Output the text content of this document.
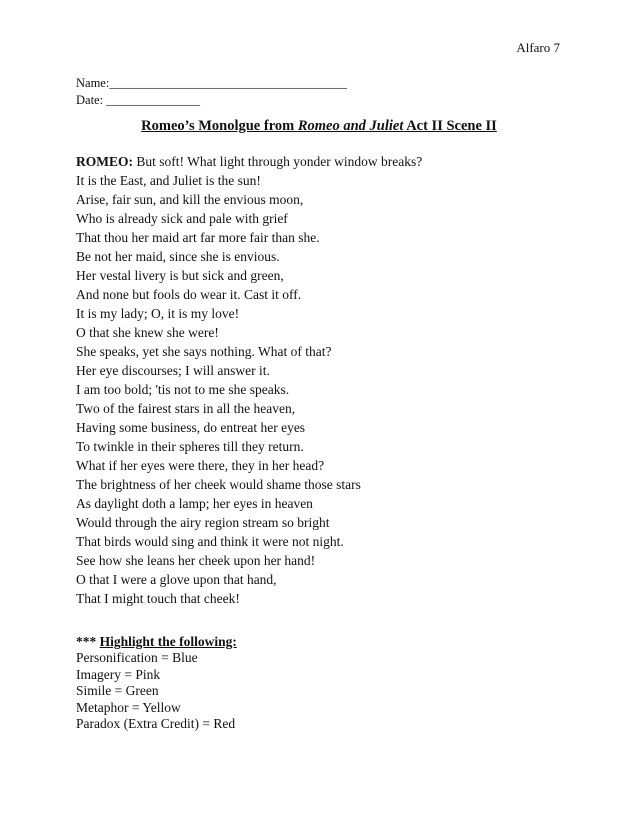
Alfaro 7
Name:______________________________________
Date: _______________
Romeo’s Monolgue from Romeo and Juliet Act II Scene II
ROMEO: But soft! What light through yonder window breaks?
It is the East, and Juliet is the sun!
Arise, fair sun, and kill the envious moon,
Who is already sick and pale with grief
That thou her maid art far more fair than she.
Be not her maid, since she is envious.
Her vestal livery is but sick and green,
And none but fools do wear it. Cast it off.
It is my lady; O, it is my love!
O that she knew she were!
She speaks, yet she says nothing. What of that?
Her eye discourses; I will answer it.
I am too bold; 'tis not to me she speaks.
Two of the fairest stars in all the heaven,
Having some business, do entreat her eyes
To twinkle in their spheres till they return.
What if her eyes were there, they in her head?
The brightness of her cheek would shame those stars
As daylight doth a lamp; her eyes in heaven
Would through the airy region stream so bright
That birds would sing and think it were not night.
See how she leans her cheek upon her hand!
O that I were a glove upon that hand,
That I might touch that cheek!
*** Highlight the following:
Personification = Blue
Imagery = Pink
Simile = Green
Metaphor = Yellow
Paradox (Extra Credit) = Red
